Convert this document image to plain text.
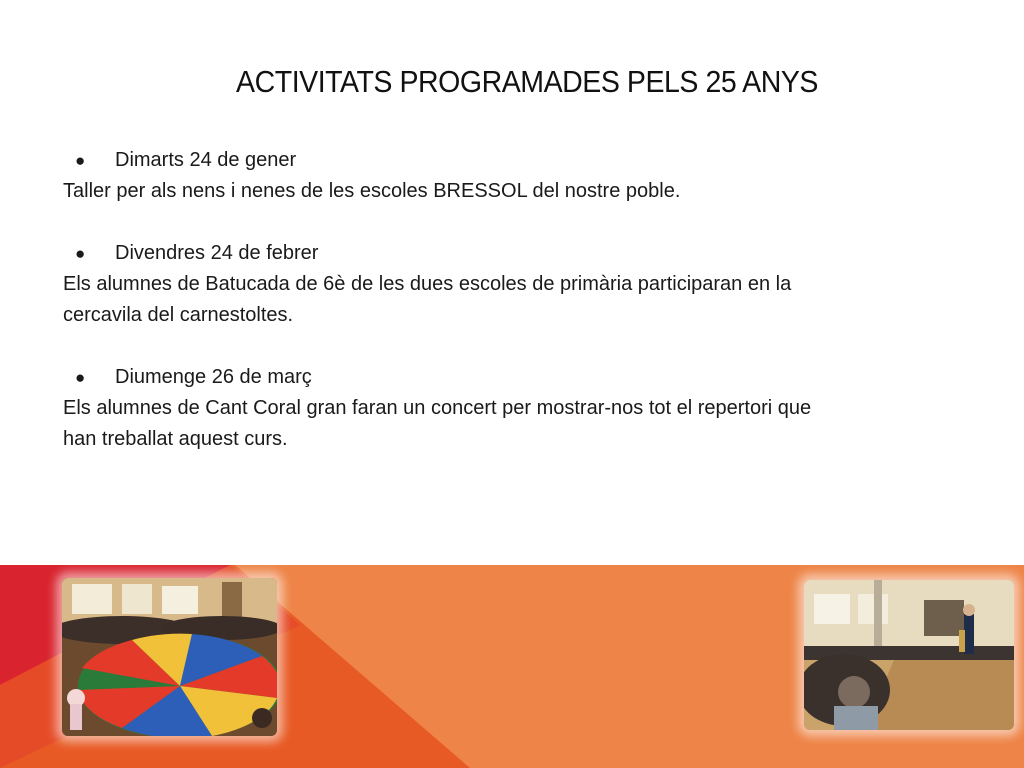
ACTIVITATS PROGRAMADES PELS 25 ANYS
●	Dimarts 24 de gener
Taller per als nens i nenes de les escoles BRESSOL del nostre poble.
●	Divendres 24 de febrer
Els alumnes de Batucada de 6è de les dues escoles de primària participaran en la
cercavila del carnestoltes.
●	Diumenge 26 de març
Els alumnes de Cant Coral gran faran un concert per mostrar-nos tot el repertori que
han treballat aquest curs.
